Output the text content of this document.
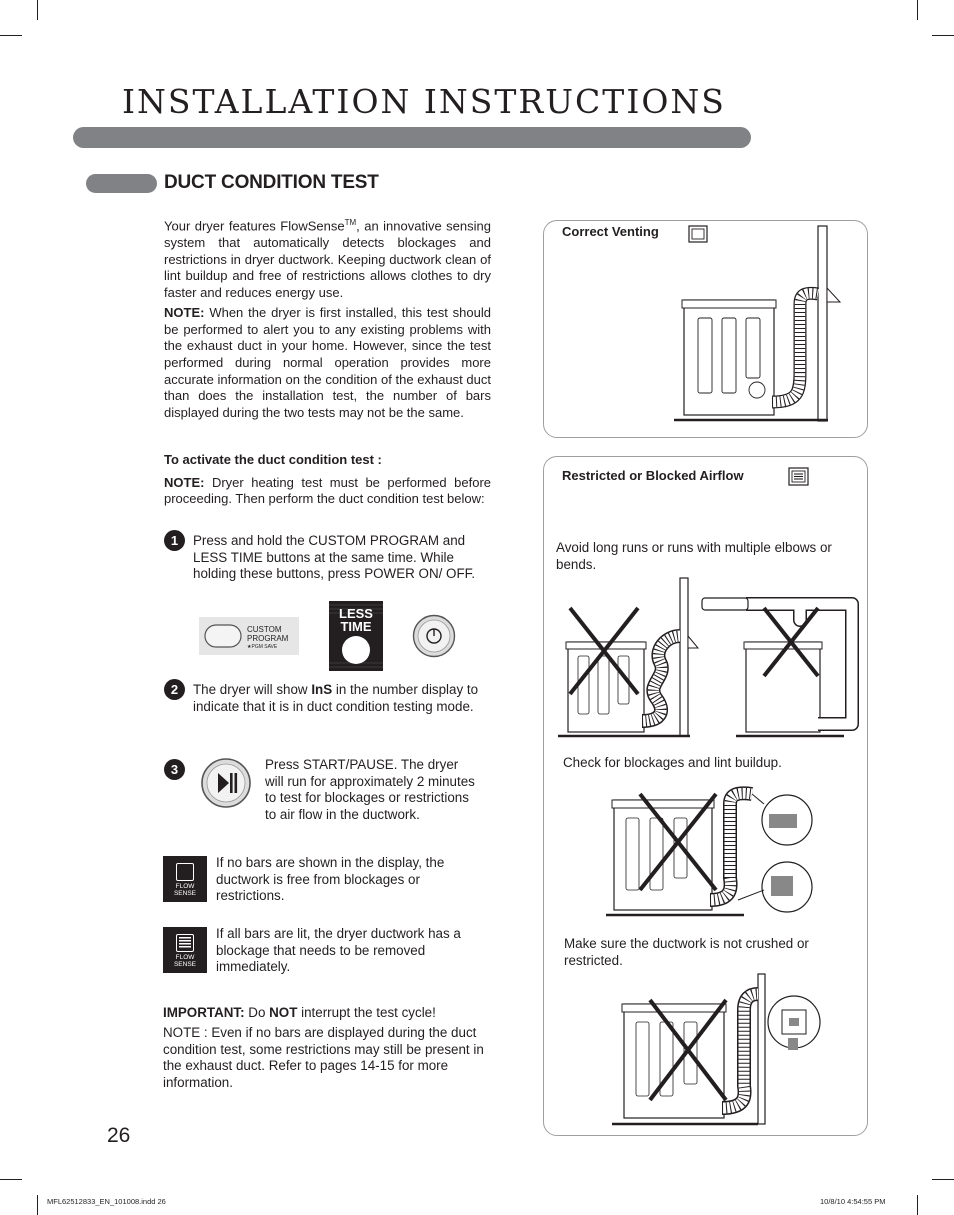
INSTALLATION INSTRUCTIONS
DUCT CONDITION TEST

Your dryer features FlowSense™, an innovative sensing system that automatically detects blockages and restrictions in dryer ductwork. Keeping ductwork clean of lint buildup and free of restrictions allows clothes to dry faster and reduces energy use.

NOTE: When the dryer is first installed, this test should be performed to alert you to any existing problems with the exhaust duct in your home. However, since the test performed during normal operation provides more accurate information on the condition of the exhaust duct than does the installation test, the number of bars displayed during the two tests may not be the same.

To activate the duct condition test :

NOTE: Dryer heating test must be performed before proceeding. Then perform the duct condition test below:

1	Press and hold the CUSTOM PROGRAM and LESS TIME buttons at the same time. While holding these buttons, press POWER ON/ OFF.
CUSTOM
PROGRAM
★PGM SAVE
LESS
TIME
2	The dryer will show InS in the number display to indicate that it is in duct condition testing mode.
3	Press START/PAUSE. The dryer will run for approximately 2 minutes to test for blockages or restrictions to air flow in the ductwork.
FLOW
SENSE
If no bars are shown in the display, the ductwork is free from blockages or restrictions.
FLOW
SENSE
If all bars are lit, the dryer ductwork has a blockage that needs to be removed immediately.
IMPORTANT: Do NOT interrupt the test cycle!
NOTE : Even if no bars are displayed during the duct condition test, some restrictions may still be present in the exhaust duct. Refer to pages 14-15 for more information.
Correct Venting
Restricted or Blocked Airflow
Avoid long runs or runs with multiple elbows or bends.
Check for blockages and lint buildup.
Make sure the ductwork is not crushed or restricted.
26
MFL62512833_EN_101008.indd 26	10/8/10 4:54:55 PM
